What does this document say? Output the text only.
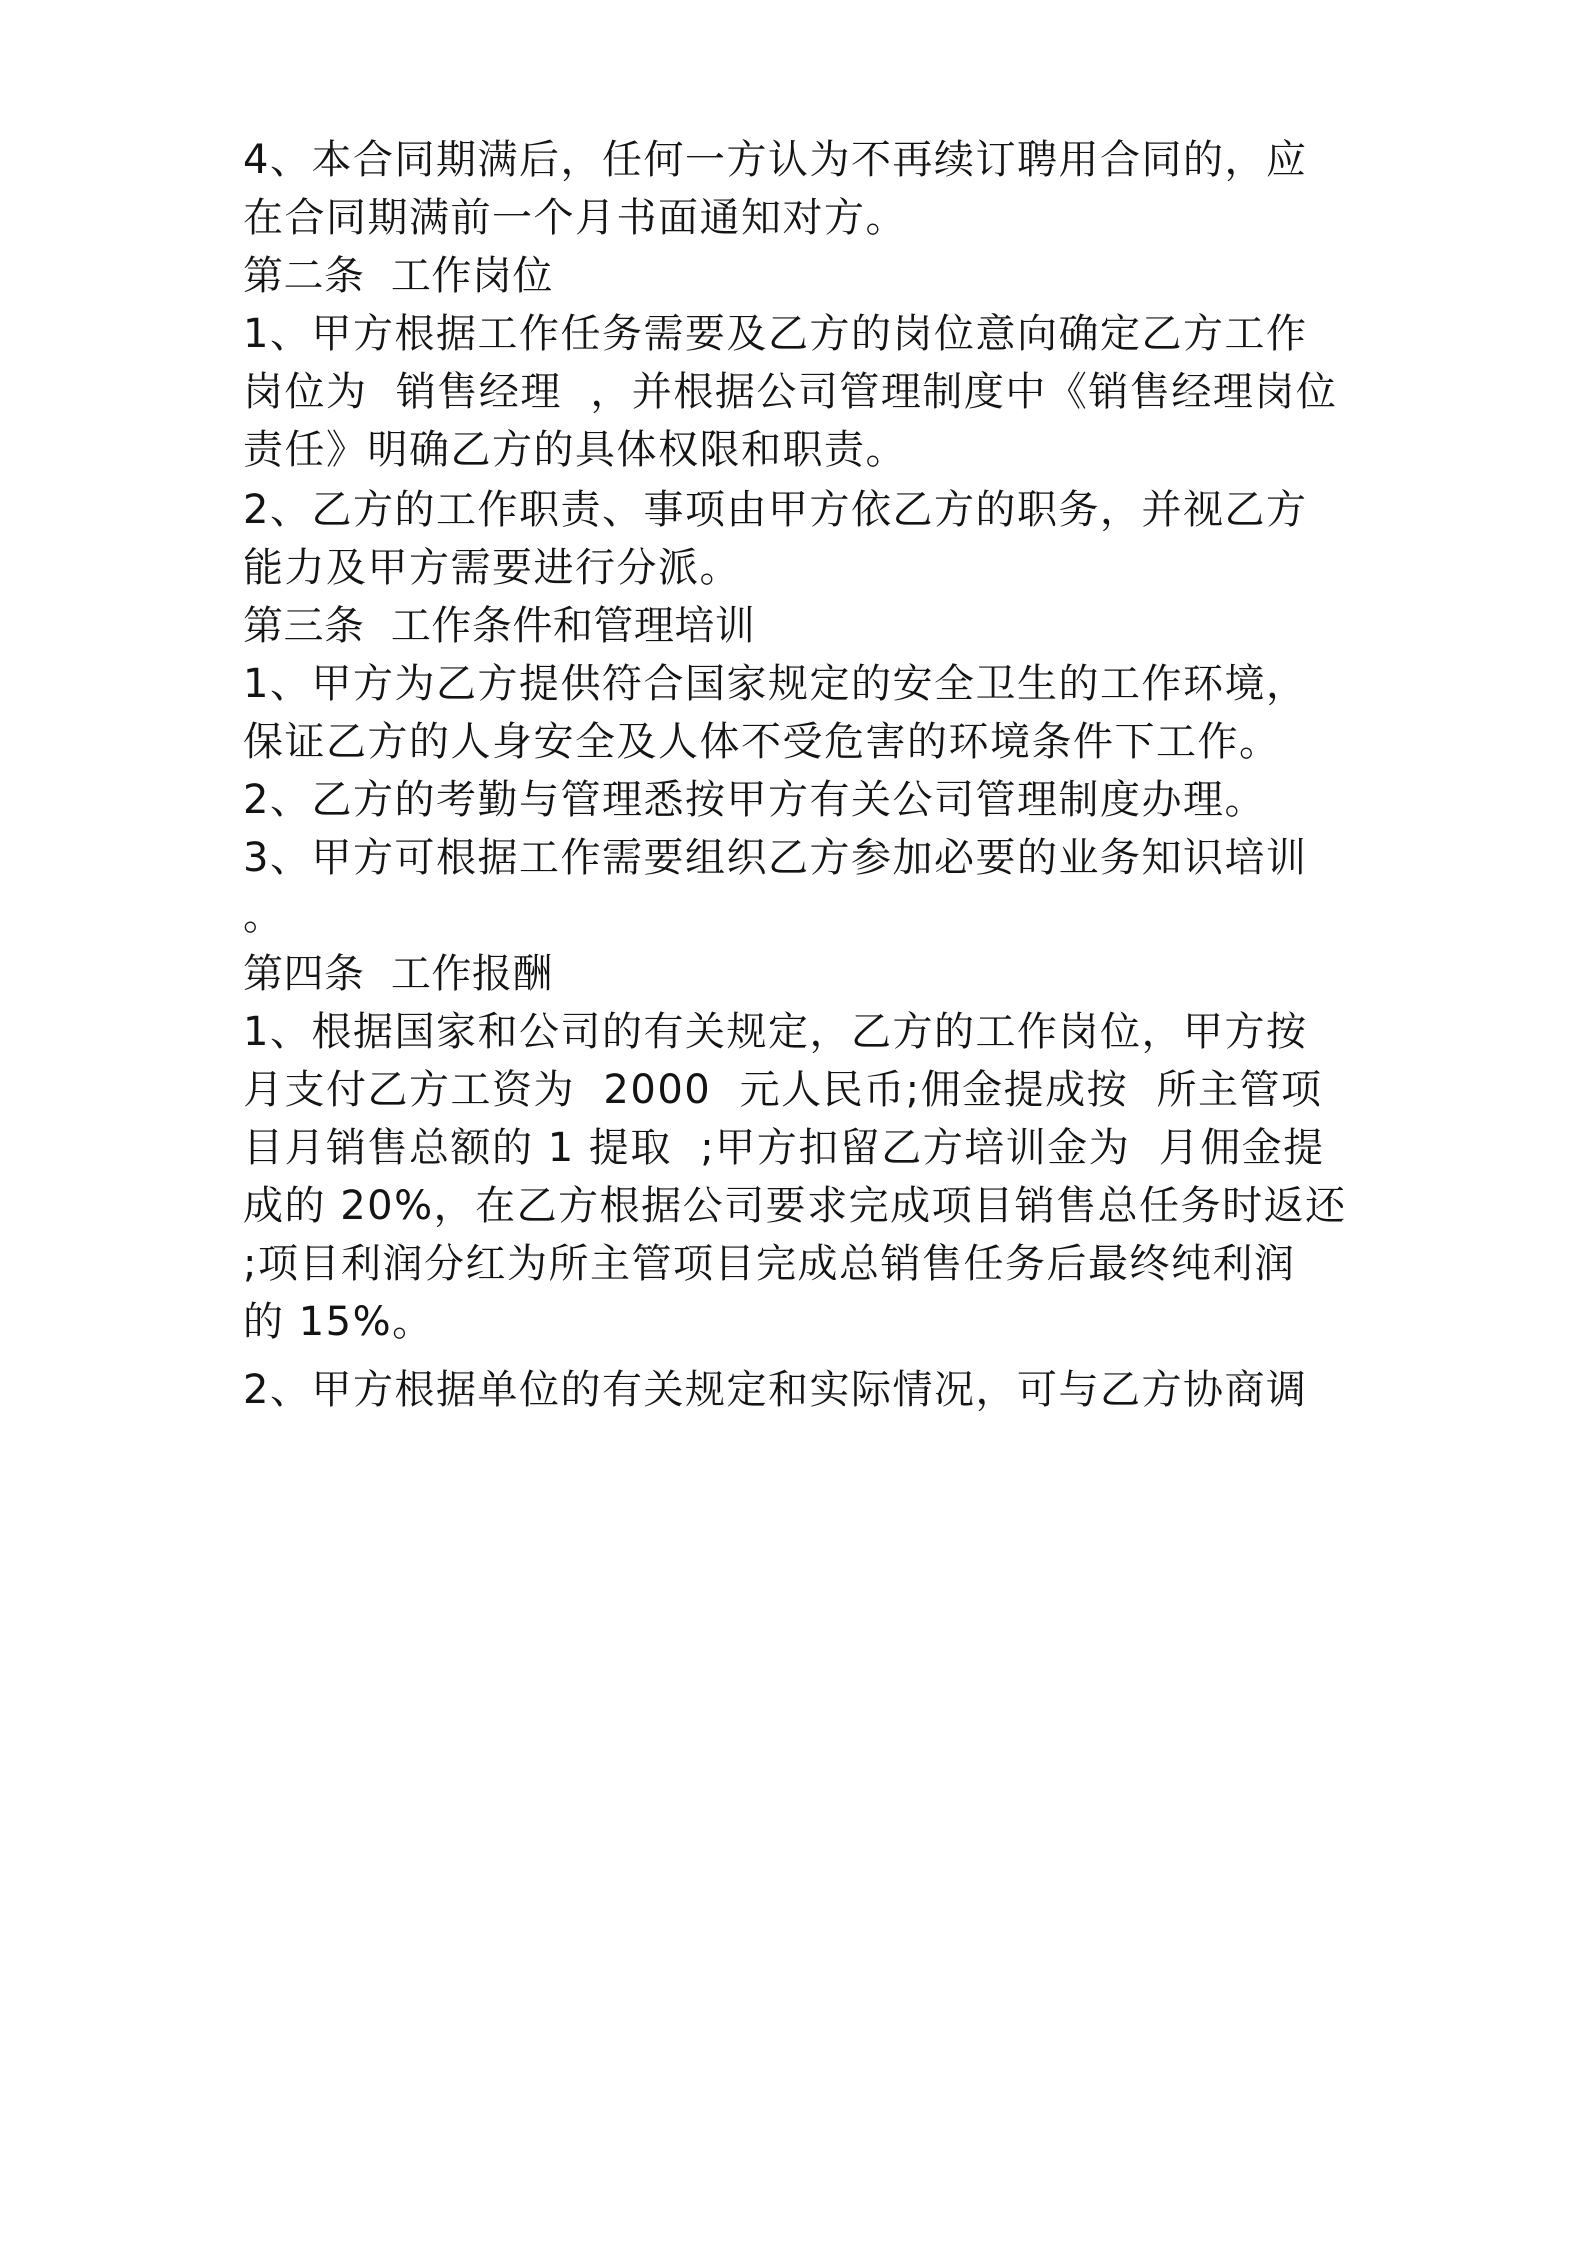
4、本合同期满后，任何一方认为不再续订聘用合同的，应
在合同期满前一个月书面通知对方。
第二条  工作岗位
1、甲方根据工作任务需要及乙方的岗位意向确定乙方工作
岗位为  销售经理  ，并根据公司管理制度中《销售经理岗位
责任》明确乙方的具体权限和职责。
2、乙方的工作职责、事项由甲方依乙方的职务，并视乙方
能力及甲方需要进行分派。
第三条  工作条件和管理培训
1、甲方为乙方提供符合国家规定的安全卫生的工作环境，
保证乙方的人身安全及人体不受危害的环境条件下工作。
2、乙方的考勤与管理悉按甲方有关公司管理制度办理。
3、甲方可根据工作需要组织乙方参加必要的业务知识培训
。
第四条  工作报酬
1、根据国家和公司的有关规定，乙方的工作岗位，甲方按
月支付乙方工资为  2000  元人民币;佣金提成按  所主管项
目月销售总额的 1 提取  ;甲方扣留乙方培训金为  月佣金提
成的 20%，在乙方根据公司要求完成项目销售总任务时返还
;项目利润分红为所主管项目完成总销售任务后最终纯利润
的 15%。
2、甲方根据单位的有关规定和实际情况，可与乙方协商调
